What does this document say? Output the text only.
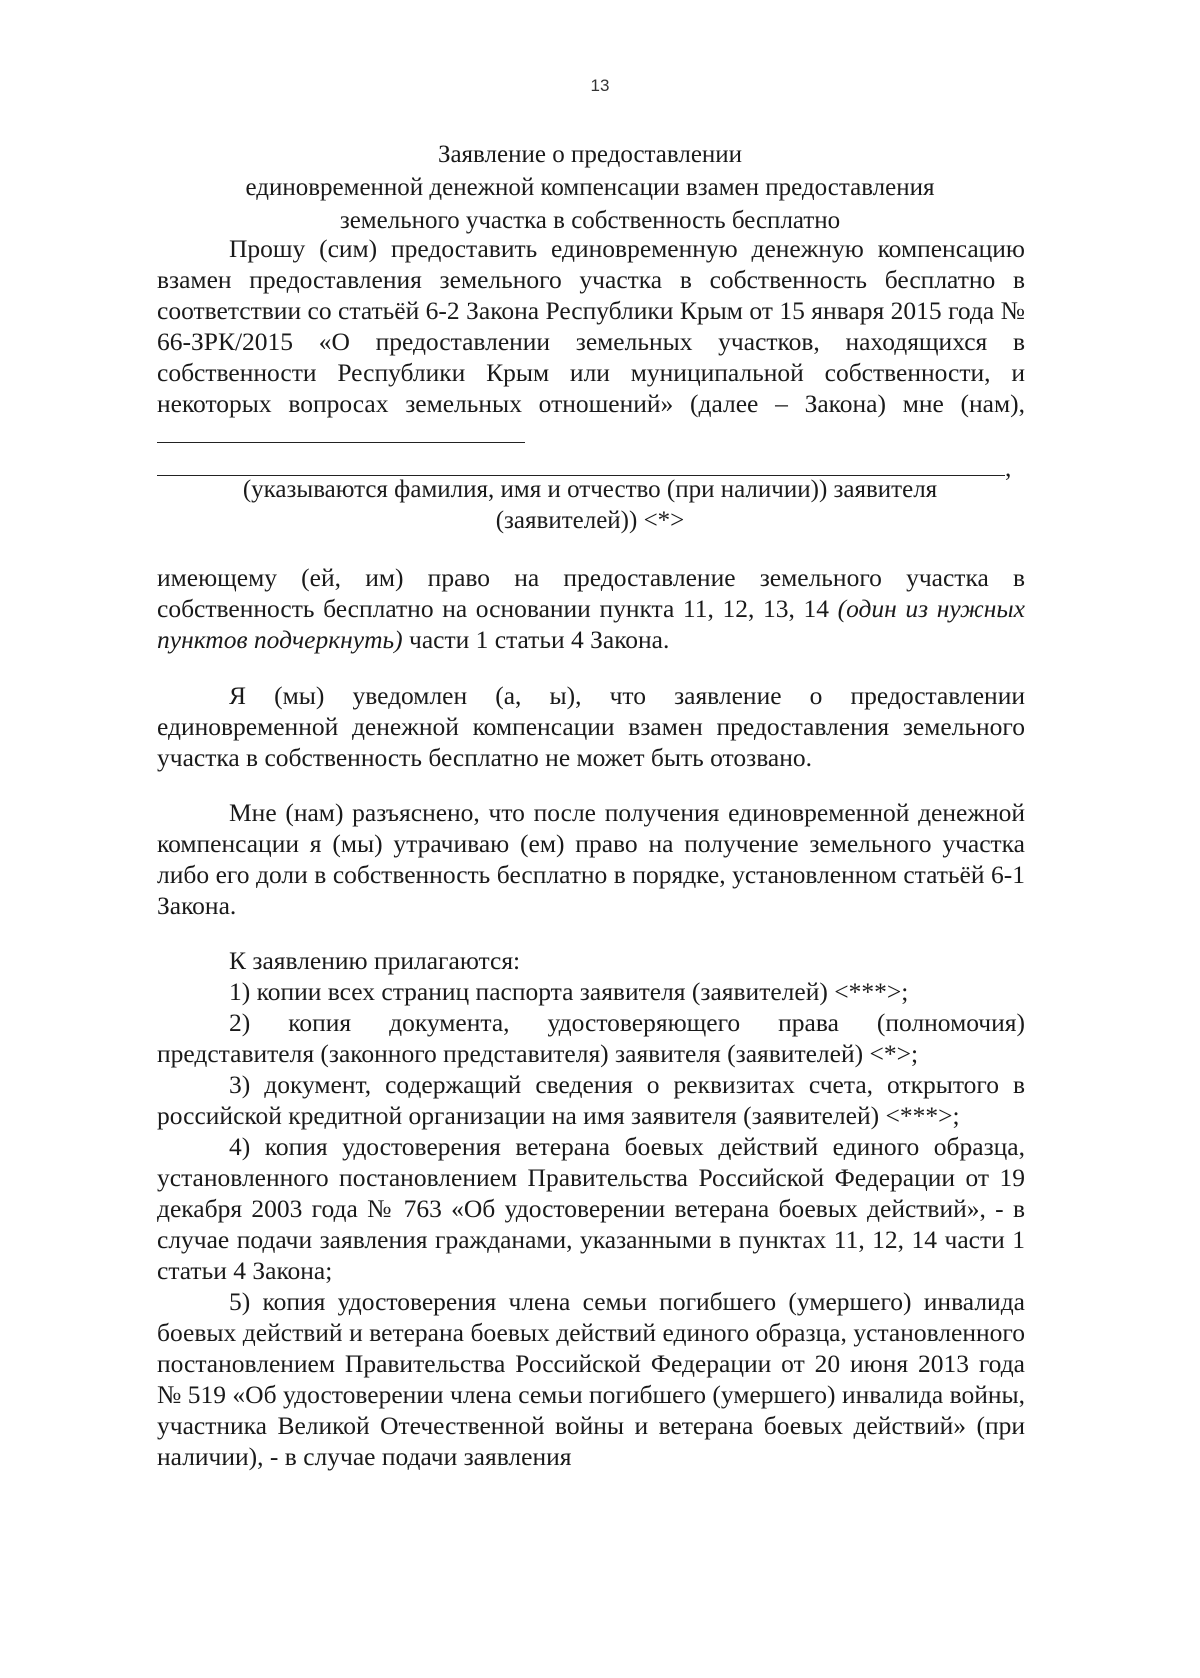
13
Заявление о предоставлении
единовременной денежной компенсации взамен предоставления
земельного участка в собственность бесплатно

Прошу (сим) предоставить единовременную денежную компенсацию взамен предоставления земельного участка в собственность бесплатно в соответствии со статьёй 6-2 Закона Республики Крым от 15 января 2015 года № 66-ЗРК/2015 «О предоставлении земельных участков, находящихся в собственности Республики Крым или муниципальной собственности, и некоторых вопросах земельных отношений» (далее – Закона) мне (нам),

,

(указываются фамилия, имя и отчество (при наличии)) заявителя (заявителей)) <*>

имеющему (ей, им) право на предоставление земельного участка в собственность бесплатно на основании пункта 11, 12, 13, 14 (один из нужных пунктов подчеркнуть) части 1 статьи 4 Закона.

Я (мы) уведомлен (а, ы), что заявление о предоставлении единовременной денежной компенсации взамен предоставления земельного участка в собственность бесплатно не может быть отозвано.

Мне (нам) разъяснено, что после получения единовременной денежной компенсации я (мы) утрачиваю (ем) право на получение земельного участка либо его доли в собственность бесплатно в порядке, установленном статьёй 6-1 Закона.

К заявлению прилагаются:

1) копии всех страниц паспорта заявителя (заявителей) <***>;

2) копия документа, удостоверяющего права (полномочия) представителя (законного представителя) заявителя (заявителей) <*>;

3) документ, содержащий сведения о реквизитах счета, открытого в российской кредитной организации на имя заявителя (заявителей) <***>;

4) копия удостоверения ветерана боевых действий единого образца, установленного постановлением Правительства Российской Федерации от 19 декабря 2003 года № 763 «Об удостоверении ветерана боевых действий», - в случае подачи заявления гражданами, указанными в пунктах 11, 12, 14 части 1 статьи 4 Закона;

5) копия удостоверения члена семьи погибшего (умершего) инвалида боевых действий и ветерана боевых действий единого образца, установленного постановлением Правительства Российской Федерации от 20 июня 2013 года № 519 «Об удостоверении члена семьи погибшего (умершего) инвалида войны, участника Великой Отечественной войны и ветерана боевых действий» (при наличии), - в случае подачи заявления
